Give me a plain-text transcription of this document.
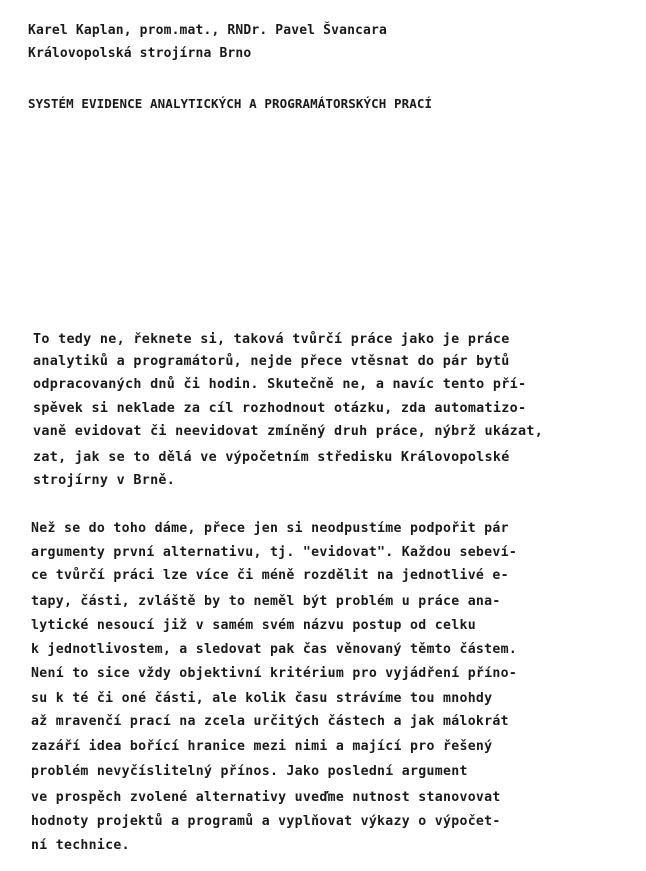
Karel Kaplan, prom.mat., RNDr. Pavel Švancara
Královopolská strojírna Brno
SYSTÉM EVIDENCE ANALYTICKÝCH A PROGRAMÁTORSKÝCH PRACÍ
To tedy ne, řeknete si, taková tvůrčí práce jako je práce
analytiků a programátorů, nejde přece vtěsnat do pár bytů
odpracovaných dnů či hodin. Skutečně ne, a navíc tento pří-
spěvek si neklade za cíl rozhodnout otázku, zda automatizo-
vaně evidovat či neevidovat zmíněný druh práce, nýbrž ukázat,
zat, jak se to dělá ve výpočetním středisku Královopolské
strojírny v Brně.
Než se do toho dáme, přece jen si neodpustíme podpořit pár
argumenty první alternativu, tj. "evidovat". Každou sebeví-
ce tvůrčí práci lze více či méně rozdělit na jednotlivé e-
tapy, části, zvláště by to neměl být problém u práce ana-
lytické nesoucí již v samém svém názvu postup od celku
k jednotlivostem, a sledovat pak čas věnovaný těmto částem.
Není to sice vždy objektivní kritérium pro vyjádření příno-
su k té či oné části, ale kolik času strávíme tou mnohdy
až mravenčí prací na zcela určitých částech a jak málokrát
zazáří idea bořící hranice mezi nimi a mající pro řešený
problém nevyčíslitelný přínos. Jako poslední argument
ve prospěch zvolené alternativy uveďme nutnost stanovovat
hodnoty projektů a programů a vyplňovat výkazy o výpočet-
ní technice.
